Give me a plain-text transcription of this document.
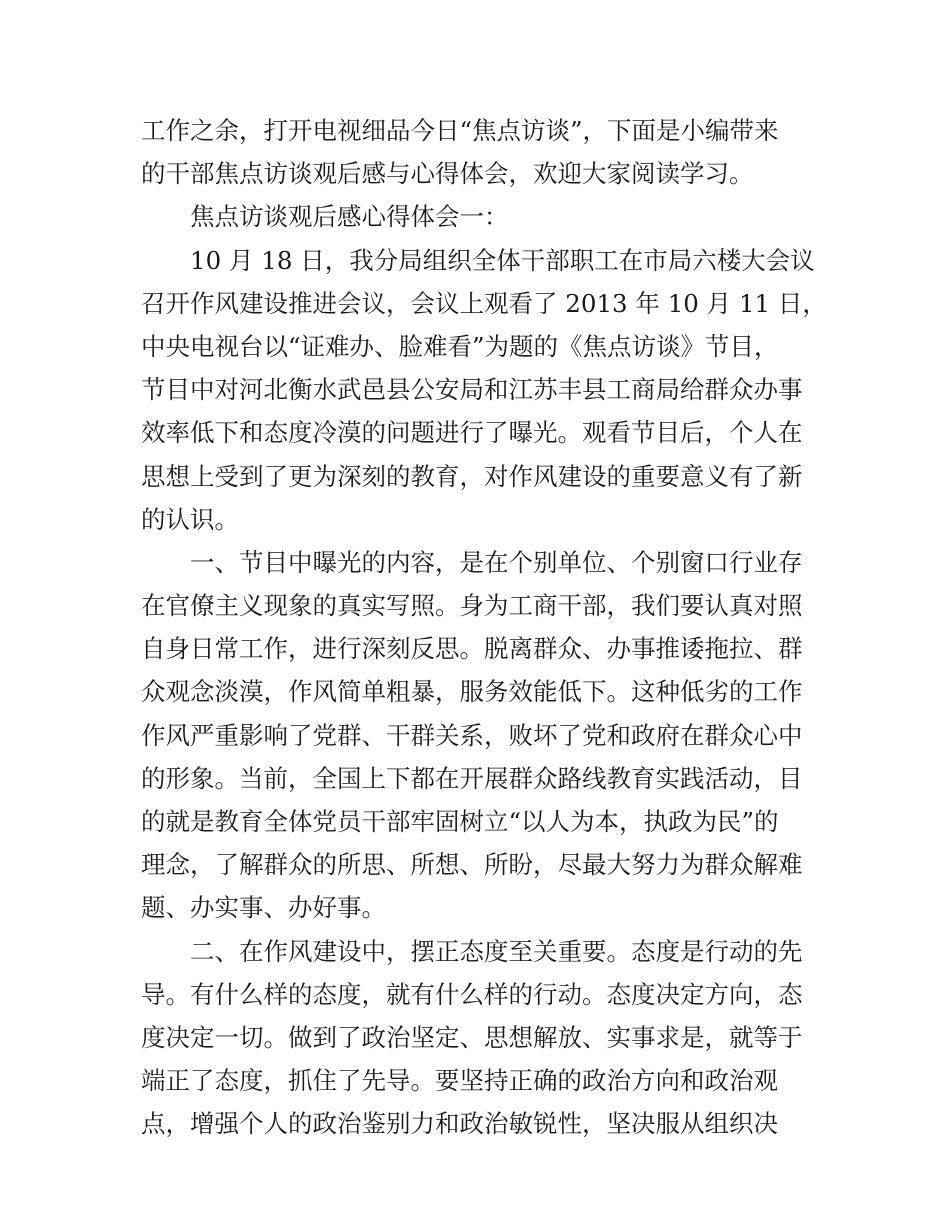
工作之余，打开电视细品今日“焦点访谈”，下面是小编带来
的干部焦点访谈观后感与心得体会，欢迎大家阅读学习。
焦点访谈观后感心得体会一：
10 月 18 日，我分局组织全体干部职工在市局六楼大会议
召开作风建设推进会议，会议上观看了 2013 年 10 月 11 日，
中央电视台以“证难办、脸难看”为题的《焦点访谈》节目，
节目中对河北衡水武邑县公安局和江苏丰县工商局给群众办事
效率低下和态度冷漠的问题进行了曝光。观看节目后，个人在
思想上受到了更为深刻的教育，对作风建设的重要意义有了新
的认识。
一、节目中曝光的内容，是在个别单位、个别窗口行业存
在官僚主义现象的真实写照。身为工商干部，我们要认真对照
自身日常工作，进行深刻反思。脱离群众、办事推诿拖拉、群
众观念淡漠，作风简单粗暴，服务效能低下。这种低劣的工作
作风严重影响了党群、干群关系，败坏了党和政府在群众心中
的形象。当前，全国上下都在开展群众路线教育实践活动，目
的就是教育全体党员干部牢固树立“以人为本，执政为民”的
理念，了解群众的所思、所想、所盼，尽最大努力为群众解难
题、办实事、办好事。
二、在作风建设中，摆正态度至关重要。态度是行动的先
导。有什么样的态度，就有什么样的行动。态度决定方向，态
度决定一切。做到了政治坚定、思想解放、实事求是，就等于
端正了态度，抓住了先导。要坚持正确的政治方向和政治观
点，增强个人的政治鉴别力和政治敏锐性，坚决服从组织决
